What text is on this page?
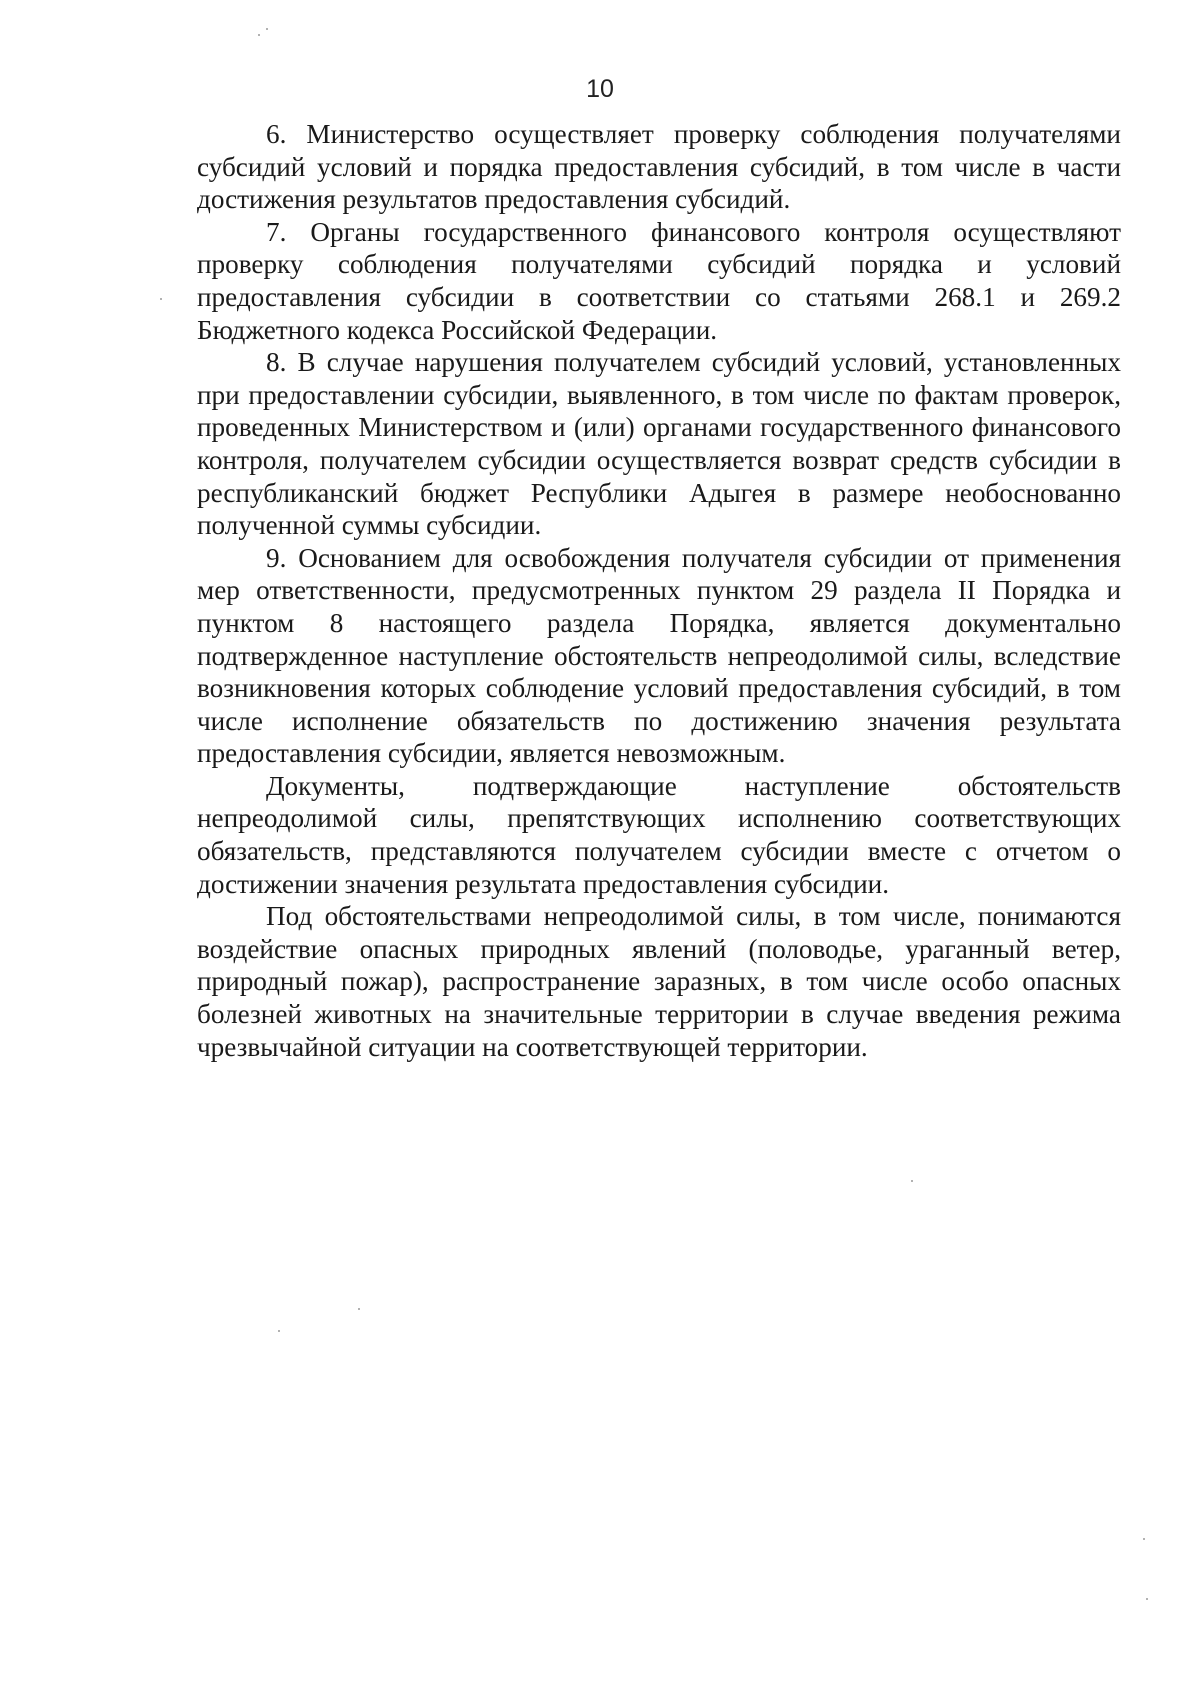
10

6. Министерство осуществляет проверку соблюдения получателями субсидий условий и порядка предоставления субсидий, в том числе в части достижения результатов предоставления субсидий.

7. Органы государственного финансового контроля осуществляют проверку соблюдения получателями субсидий порядка и условий предоставления субсидии в соответствии со статьями 268.1 и 269.2 Бюджетного кодекса Российской Федерации.

8. В случае нарушения получателем субсидий условий, установленных при предоставлении субсидии, выявленного, в том числе по фактам проверок, проведенных Министерством и (или) органами государственного финансового контроля, получателем субсидии осуществляется возврат средств субсидии в республиканский бюджет Республики Адыгея в размере необоснованно полученной суммы субсидии.

9. Основанием для освобождения получателя субсидии от применения мер ответственности, предусмотренных пунктом 29 раздела II Порядка и пунктом 8 настоящего раздела Порядка, является документально подтвержденное наступление обстоятельств непреодолимой силы, вследствие возникновения которых соблюдение условий предоставления субсидий, в том числе исполнение обязательств по достижению значения результата предоставления субсидии, является невозможным.

Документы, подтверждающие наступление обстоятельств непреодолимой силы, препятствующих исполнению соответствующих обязательств, представляются получателем субсидии вместе с отчетом о достижении значения результата предоставления субсидии.

Под обстоятельствами непреодолимой силы, в том числе, понимаются воздействие опасных природных явлений (половодье, ураганный ветер, природный пожар), распространение заразных, в том числе особо опасных болезней животных на значительные территории в случае введения режима чрезвычайной ситуации на соответствующей территории.
